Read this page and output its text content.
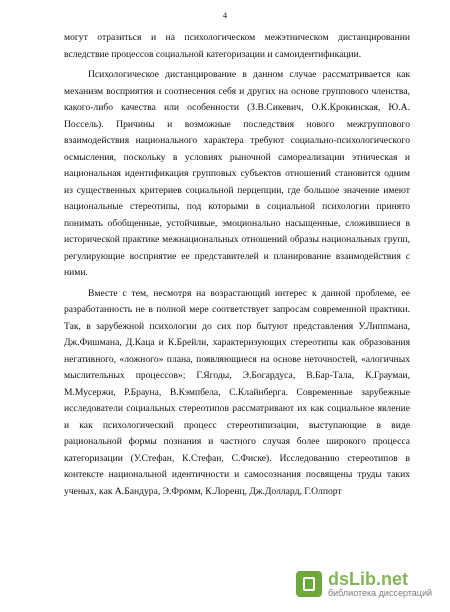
4

могут отразиться и на психологическом межэтническом дистанцировании вследствие процессов социальной категоризации и самоидентификации.

Психологическое дистанцирование в данном случае рассматривается как механизм восприятия и соотнесения себя и других на основе группового членства, какого-либо качества или особенности (З.В.Сикевич, О.К.Крокинская, Ю.А. Поссель). Причины и возможные последствия нового межгруппового взаимодействия национального характера требуют социально-психологического осмысления, поскольку в условиях рыночной самореализации этническая и национальная идентификация групповых субъектов отношений становится одним из существенных критериев социальной перцепции, где большое значение имеют национальные стереотипы, под которыми в социальной психологии принято понимать обобщенные, устойчивые, эмоционально насыщенные, сложившиеся в исторической практике межнациональных отношений образы национальных групп, регулирующие восприятие ее представителей и планирование взаимодействия с ними.

Вместе с тем, несмотря на возрастающий интерес к данной проблеме, ее разработанность не в полной мере соответствует запросам современной практики. Так, в зарубежной психологии до сих пор бытуют представления У.Липпмана, Дж.Фишмана, Д.Каца и К.Брейли, характеризующих стереотипы как образования негативного, «ложного» плана, появляющиеся на основе неточностей, «алогичных мыслительных процессов»; Г.Ягоды, Э.Богардуса, В.Бар-Тала, К.Граумаи, М.Мусержи, Р.Брауна, В.Кэмпбела, С.Клайнберга. Современные зарубежные исследователи социальных стереотипов рассматривают их как социальное явление и как психологический процесс стереотипизации, выступающие в виде рациональной формы познания и частного случая более широкого процесса категоризации (У.Стефан, К.Стефан, С.Фиске). Исследованию стереотипов в контексте национальной идентичности и самосознания посвящены труды таких ученых, как А.Бандура, Э.Фромм, К.Лоренц, Дж.Доллард, Г.Олпорт

dsLib.net
библиотека диссертаций
